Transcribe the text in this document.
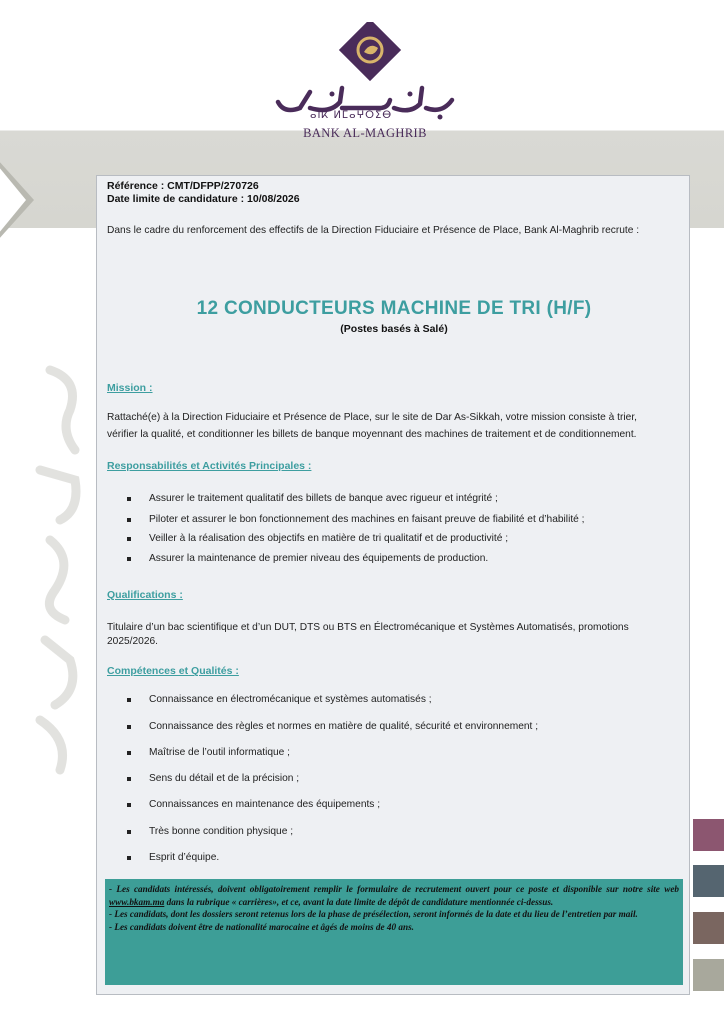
ⴰⵏⴽ ⵍⵎⴰⵖⵔⵉⴱ
BANK AL-MAGHRIB
Référence : CMT/DFPP/270726
Date limite de candidature : 10/08/2026
Dans le cadre du renforcement des effectifs de la Direction Fiduciaire et Présence de Place, Bank Al-Maghrib recrute :
12 CONDUCTEURS MACHINE DE TRI (H/F)
(Postes basés à Salé)
Mission :
Rattaché(e) à la Direction Fiduciaire et Présence de Place, sur le site de Dar As-Sikkah, votre mission consiste à trier,
vérifier la qualité, et conditionner les billets de banque moyennant des machines de traitement et de conditionnement.
Responsabilités et Activités Principales :
Assurer le traitement qualitatif des billets de banque avec rigueur et intégrité ;
Piloter et assurer le bon fonctionnement des machines en faisant preuve de fiabilité et d’habilité ;
Veiller à la réalisation des objectifs en matière de tri qualitatif et de productivité ;
Assurer la maintenance de premier niveau des équipements de production.
Qualifications :
Titulaire d’un bac scientifique et d’un DUT, DTS ou BTS en Électromécanique et Systèmes Automatisés, promotions
2025/2026.
Compétences et Qualités :
Connaissance en électromécanique et systèmes automatisés ;
Connaissance des règles et normes en matière de qualité, sécurité et environnement ;
Maîtrise de l’outil informatique ;
Sens du détail et de la précision ;
Connaissances en maintenance des équipements ;
Très bonne condition physique ;
Esprit d’équipe.
- Les candidats intéressés, doivent obligatoirement remplir le formulaire de recrutement ouvert pour ce poste et disponible sur notre site web www.bkam.ma dans la rubrique « carrières», et ce, avant la date limite de dépôt de candidature mentionnée ci-dessus.
- Les candidats, dont les dossiers seront retenus lors de la phase de présélection, seront informés de la date et du lieu de l’entretien par mail.
- Les candidats doivent être de nationalité marocaine et âgés de moins de 40 ans.
